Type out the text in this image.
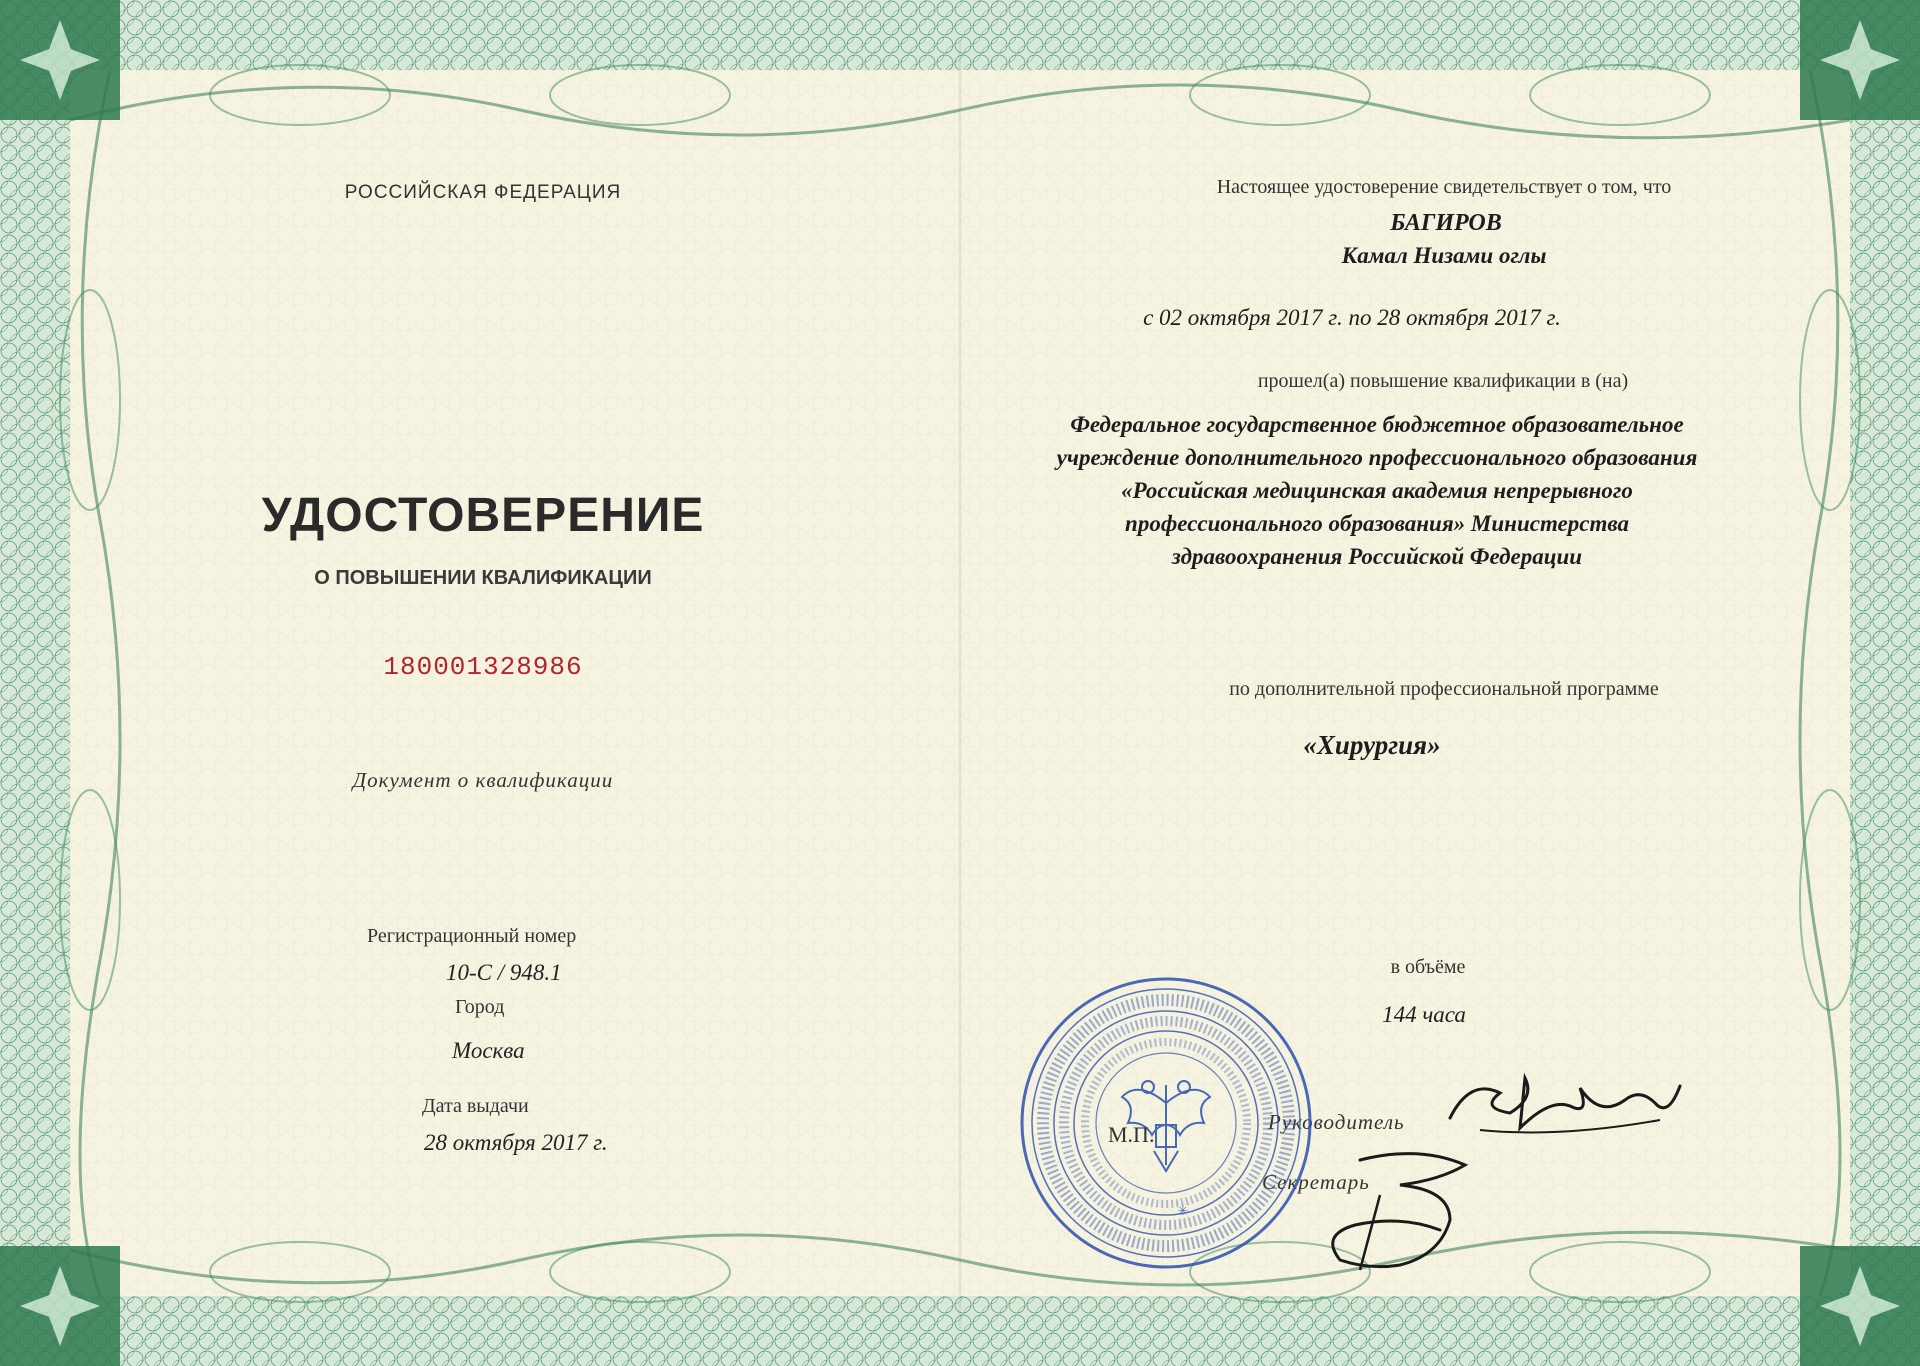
РОССИЙСКАЯ ФЕДЕРАЦИЯ
УДОСТОВЕРЕНИЕ
О ПОВЫШЕНИИ КВАЛИФИКАЦИИ
180001328986
Документ о квалификации
Регистрационный номер
10-С / 948.1
Город
Москва
Дата выдачи
28 октября 2017 г.
Настоящее удостоверение свидетельствует о том, что
БАГИРОВ
Камал Низами оглы
с 02 октября 2017 г. по 28 октября 2017 г.
прошел(а) повышение квалификации в (на)
Федеральное государственное бюджетное образовательное
учреждение дополнительного профессионального образования
«Российская медицинская академия непрерывного
профессионального образования» Министерства
здравоохранения Российской Федерации
по дополнительной профессиональной программе
«Хирургия»
в объёме
144 часа
Руководитель
Секретарь
✳
М.П.
